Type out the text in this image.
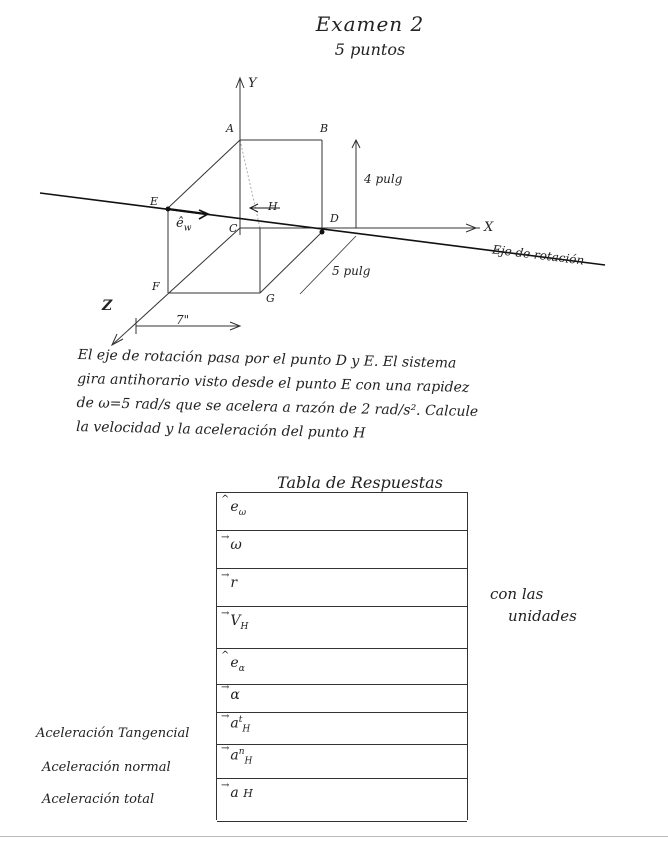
Examen 2
5 puntos
A	B
C
D
E
F
G
H
Y
X
Z
$ê_w$
4 pulg
5 pulg
7"
Eje de rotación
El eje de rotación pasa por el punto D y E. El sistema
gira antihorario visto desde el punto E con una rapidez
de ω=5 rad/s que se acelera a razón de 2 rad/s². Calcule
la velocidad y la aceleración del punto H
Tabla de Respuestas
$^{\^{}}e_\omega$
→ω
→r
$^\to V_H$
$^{\^{}}e_\alpha$
→α
$^\to a^t_H$
$^\to a^n_H$
→a H
Aceleración Tangencial
Aceleración normal
Aceleración total
con las
unidades
